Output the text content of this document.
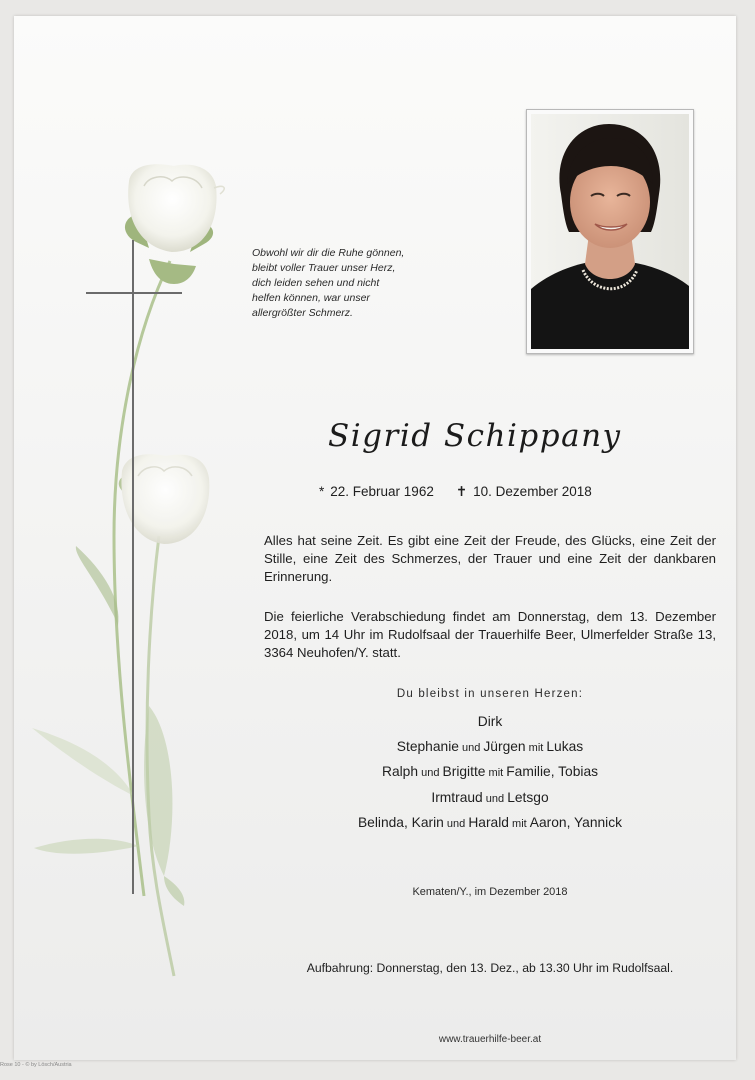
Obwohl wir dir die Ruhe gönnen,
bleibt voller Trauer unser Herz,
dich leiden sehen und nicht
helfen können, war unser
allergrößter Schmerz.
Sigrid Schippany
* 22. Februar 1962 ✝ 10. Dezember 2018
Alles hat seine Zeit. Es gibt eine Zeit der Freude, des Glücks, eine Zeit der Stille, eine Zeit des Schmerzes, der Trauer und eine Zeit der dankbaren Erinnerung.
Die feierliche Verabschiedung findet am Donnerstag, dem 13. Dezember 2018, um 14 Uhr im Rudolfsaal der Trauerhilfe Beer, Ulmerfelder Straße 13, 3364 Neuhofen/Y. statt.
Du bleibst in unseren Herzen:
Dirk
Stephanie und Jürgen mit Lukas
Ralph und Brigitte mit Familie, Tobias
Irmtraud und Letsgo
Belinda, Karin und Harald mit Aaron, Yannick
Kematen/Y., im Dezember 2018
Aufbahrung: Donnerstag, den 13. Dez., ab 13.30 Uhr im Rudolfsaal.
www.trauerhilfe-beer.at
Rose 10 - © by Lösch/Austria
